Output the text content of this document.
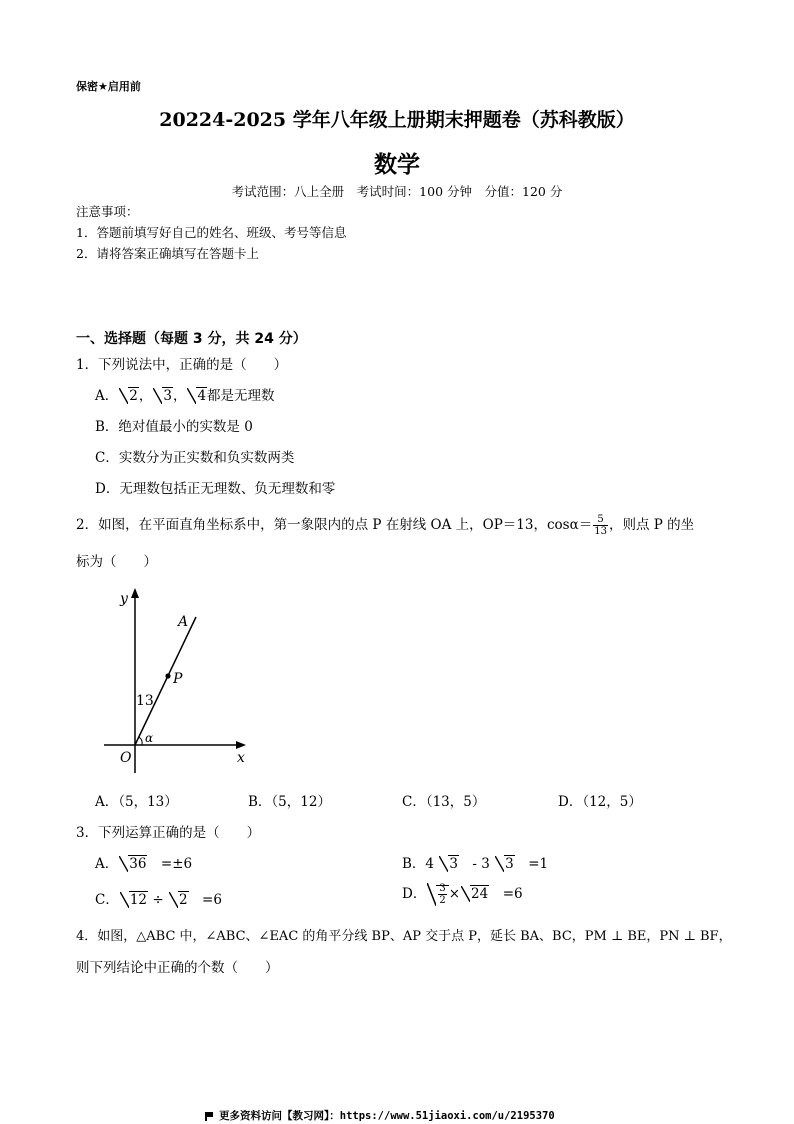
保密★启用前
20224-2025 学年八年级上册期末押题卷（苏科教版）
数学
考试范围：八上全册　考试时间：100 分钟　分值：120 分
注意事项：
1．答题前填写好自己的姓名、班级、考号等信息
2．请将答案正确填写在答题卡上
一、选择题（每题 3 分，共 24 分）
1．下列说法中，正确的是（　　）
A． 2， 3， 4都是无理数
B．绝对值最小的实数是 0
C．实数分为正实数和负实数两类
D．无理数包括正无理数、负无理数和零
2．如图，在平面直角坐标系中，第一象限内的点 P 在射线 OA 上，OP＝13，$\cos\alpha= \frac{5}{13}$ ，则点 P 的坐
标为（　　）
y
x
O
A
P
13
α
A．（5，13）	B．（5，12）	C．（13，5）	D．（12，5）
3．下列运算正确的是（　　）
A． 36　=±6	B．4 3　- 3 3　=1
C． 12 ÷ 2　=6	D． $\frac{3}{2} \times 24$　=6
4．如图，△ABC 中，∠ABC、∠EAC 的角平分线 BP、AP 交于点 P，延长 BA、BC，PM ⊥ BE，PN ⊥ BF，
则下列结论中正确的个数（　　）
更多资料访问【教习网】：https://www.51jiaoxi.com/u/2195370
